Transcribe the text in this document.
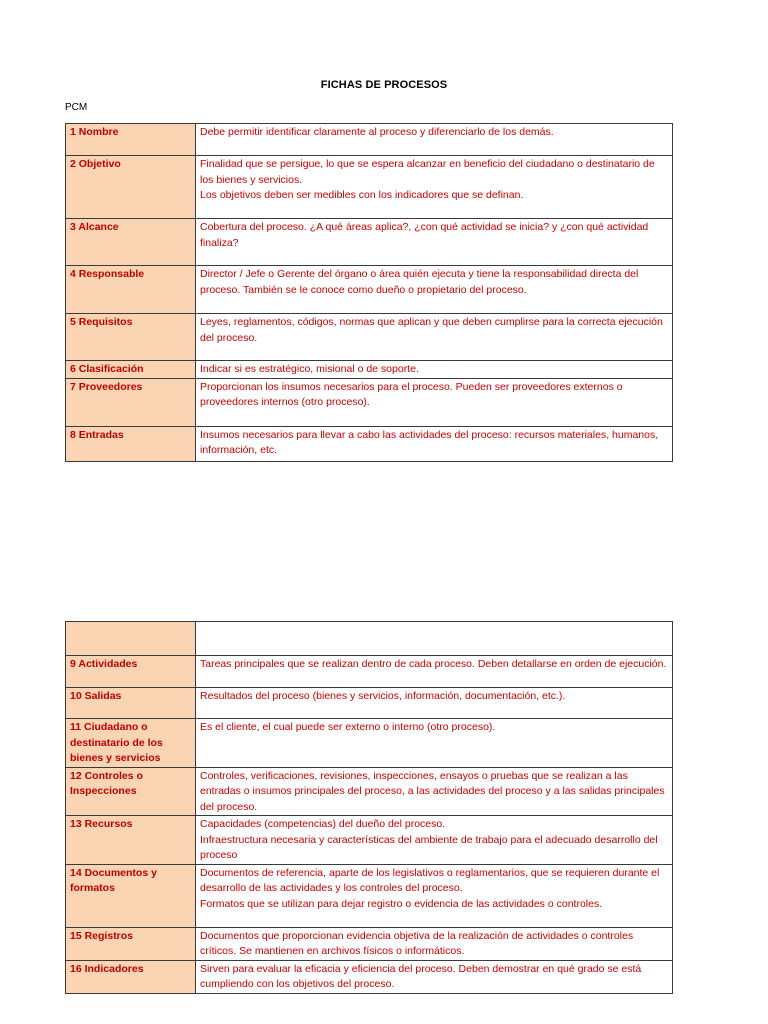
FICHAS DE PROCESOS
PCM
1 Nombre	Debe permitir identificar claramente al proceso y diferenciarlo de los demás.
2 Objetivo	Finalidad que se persigue, lo que se espera alcanzar en beneficio del ciudadano o destinatario de los bienes y servicios.
Los objetivos deben ser medibles con los indicadores que se definan.
3 Alcance	Cobertura del proceso. ¿A qué áreas aplica?, ¿con qué actividad se inicia? y ¿con qué actividad finaliza?
4 Responsable	Director / Jefe o Gerente del órgano o área quién ejecuta y tiene la responsabilidad directa del proceso. También se le conoce como dueño o propietario del proceso.
5 Requisitos	Leyes, reglamentos, códigos, normas que aplican y que deben cumplirse para la correcta ejecución del proceso.
6 Clasificación	Indicar si es estratégico, misional o de soporte.
7 Proveedores	Proporcionan los insumos necesarios para el proceso. Pueden ser proveedores externos o proveedores internos (otro proceso).
8 Entradas	Insumos necesarios para llevar a cabo las actividades del proceso: recursos materiales, humanos, información, etc.

9 Actividades	Tareas principales que se realizan dentro de cada proceso. Deben detallarse en orden de ejecución.
10 Salidas	Resultados del proceso (bienes y servicios, información, documentación, etc.).
11 Ciudadano o destinatario de los bienes y servicios	Es el cliente, el cual puede ser externo o interno (otro proceso).
12 Controles o Inspecciones	Controles, verificaciones, revisiones, inspecciones, ensayos o pruebas que se realizan a las entradas o insumos principales del proceso, a las actividades del proceso y a las salidas principales del proceso.
13 Recursos	Capacidades (competencias) del dueño del proceso.
Infraestructura necesaria y características del ambiente de trabajo para el adecuado desarrollo del proceso
14 Documentos y formatos	Documentos de referencia, aparte de los legislativos o reglamentarios, que se requieren durante el desarrollo de las actividades y los controles del proceso.
Formatos que se utilizan para dejar registro o evidencia de las actividades o controles.
15 Registros	Documentos que proporcionan evidencia objetiva de la realización de actividades o controles críticos. Se mantienen en archivos físicos o informáticos.
16 Indicadores	Sirven para evaluar la eficacia y eficiencia del proceso. Deben demostrar en qué grado se está cumpliendo con los objetivos del proceso.
